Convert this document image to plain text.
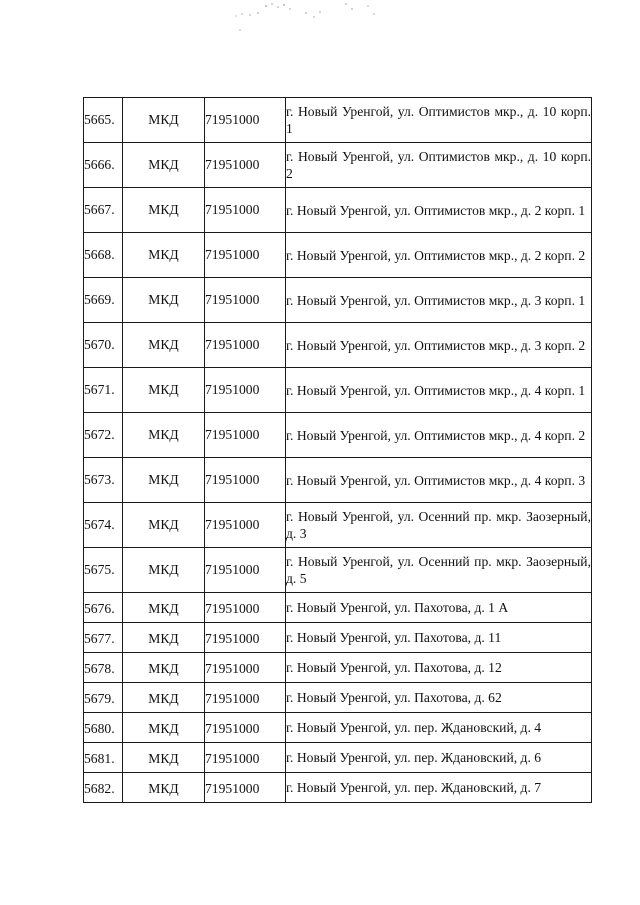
5665.	МКД	71951000	г. Новый Уренгой, ул. Оптимистов мкр., д. 10 корп. 1

5666.	МКД	71951000	г. Новый Уренгой, ул. Оптимистов мкр., д. 10 корп. 2

5667.	МКД	71951000	г. Новый Уренгой, ул. Оптимистов мкр., д. 2 корп. 1

5668.	МКД	71951000	г. Новый Уренгой, ул. Оптимистов мкр., д. 2 корп. 2

5669.	МКД	71951000	г. Новый Уренгой, ул. Оптимистов мкр., д. 3 корп. 1

5670.	МКД	71951000	г. Новый Уренгой, ул. Оптимистов мкр., д. 3 корп. 2

5671.	МКД	71951000	г. Новый Уренгой, ул. Оптимистов мкр., д. 4 корп. 1

5672.	МКД	71951000	г. Новый Уренгой, ул. Оптимистов мкр., д. 4 корп. 2

5673.	МКД	71951000	г. Новый Уренгой, ул. Оптимистов мкр., д. 4 корп. 3

5674.	МКД	71951000	г. Новый Уренгой, ул. Осенний пр. мкр. Заозерный, д. 3

5675.	МКД	71951000	г. Новый Уренгой, ул. Осенний пр. мкр. Заозерный, д. 5

5676.	МКД	71951000	г. Новый Уренгой, ул. Пахотова, д. 1 А

5677.	МКД	71951000	г. Новый Уренгой, ул. Пахотова, д. 11

5678.	МКД	71951000	г. Новый Уренгой, ул. Пахотова, д. 12

5679.	МКД	71951000	г. Новый Уренгой, ул. Пахотова, д. 62

5680.	МКД	71951000	г. Новый Уренгой, ул. пер. Ждановский, д. 4

5681.	МКД	71951000	г. Новый Уренгой, ул. пер. Ждановский, д. 6

5682.	МКД	71951000	г. Новый Уренгой, ул. пер. Ждановский, д. 7
